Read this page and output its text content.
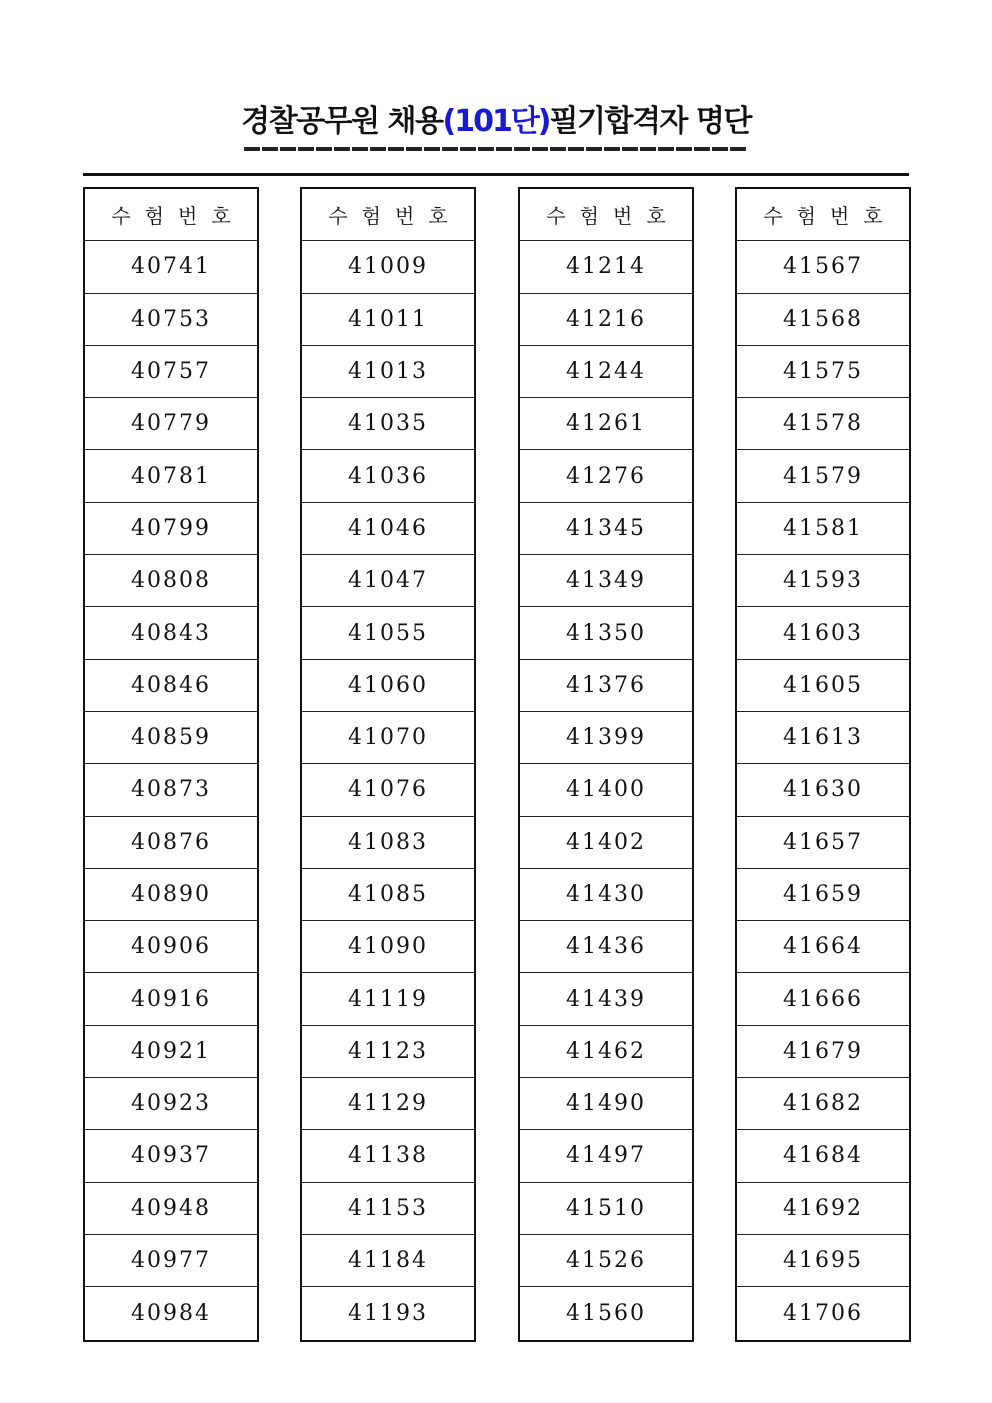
경찰공무원 채용(101단)필기합격자 명단
수험번호
40741
40753
40757
40779
40781
40799
40808
40843
40846
40859
40873
40876
40890
40906
40916
40921
40923
40937
40948
40977
40984
수험번호
41009
41011
41013
41035
41036
41046
41047
41055
41060
41070
41076
41083
41085
41090
41119
41123
41129
41138
41153
41184
41193
수험번호
41214
41216
41244
41261
41276
41345
41349
41350
41376
41399
41400
41402
41430
41436
41439
41462
41490
41497
41510
41526
41560
수험번호
41567
41568
41575
41578
41579
41581
41593
41603
41605
41613
41630
41657
41659
41664
41666
41679
41682
41684
41692
41695
41706
